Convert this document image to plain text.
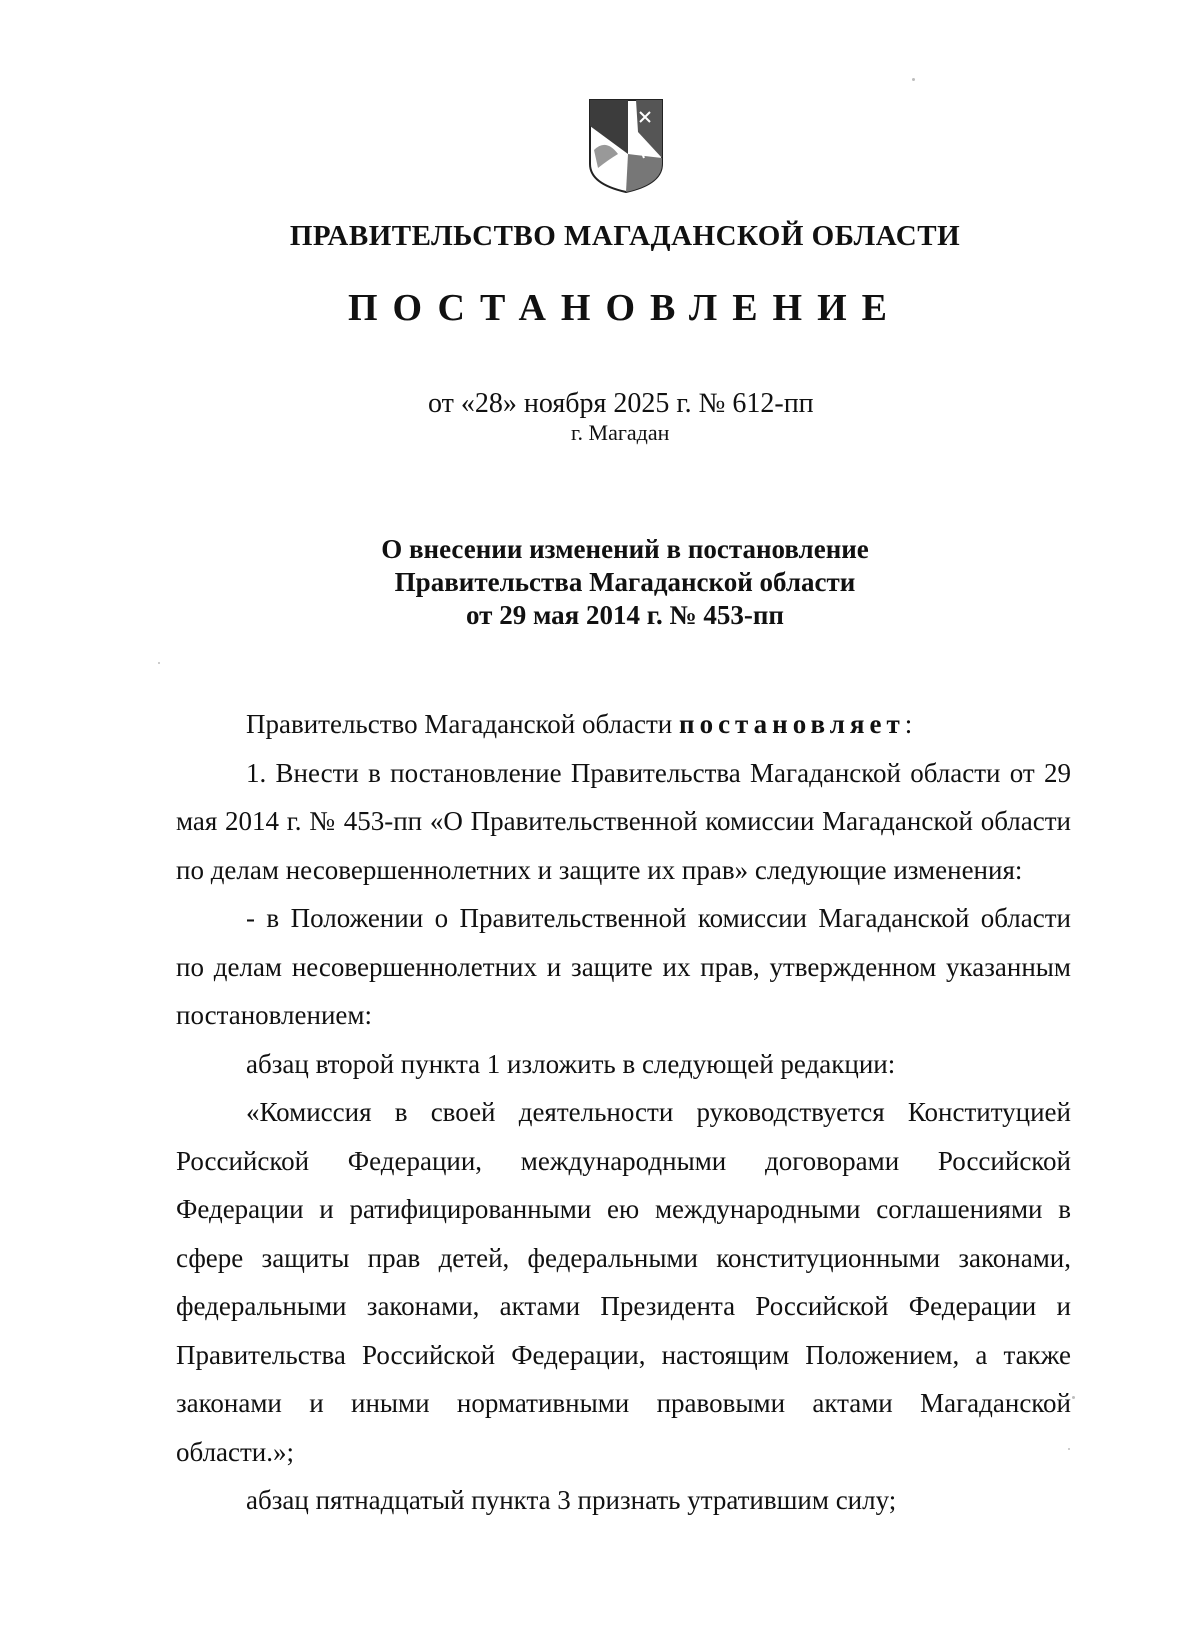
ПРАВИТЕЛЬСТВО МАГАДАНСКОЙ ОБЛАСТИ
ПОСТАНОВЛЕНИЕ
от «28» ноября 2025 г. № 612-пп
г. Магадан
О внесении изменений в постановление
Правительства Магаданской области
от 29 мая 2014 г. № 453-пп

Правительство Магаданской области постановляет:

1. Внести в постановление Правительства Магаданской области от 29 мая 2014 г. № 453-пп «О Правительственной комиссии Магаданской области по делам несовершеннолетних и защите их прав» следующие изменения:

- в Положении о Правительственной комиссии Магаданской области по делам несовершеннолетних и защите их прав, утвержденном указанным постановлением:

абзац второй пункта 1 изложить в следующей редакции:

«Комиссия в своей деятельности руководствуется Конституцией Российской Федерации, международными договорами Российской Федерации и ратифицированными ею международными соглашениями в сфере защиты прав детей, федеральными конституционными законами, федеральными законами, актами Президента Российской Федерации и Правительства Российской Федерации, настоящим Положением, а также законами и иными нормативными правовыми актами Магаданской области.»;

абзац пятнадцатый пункта 3 признать утратившим силу;
